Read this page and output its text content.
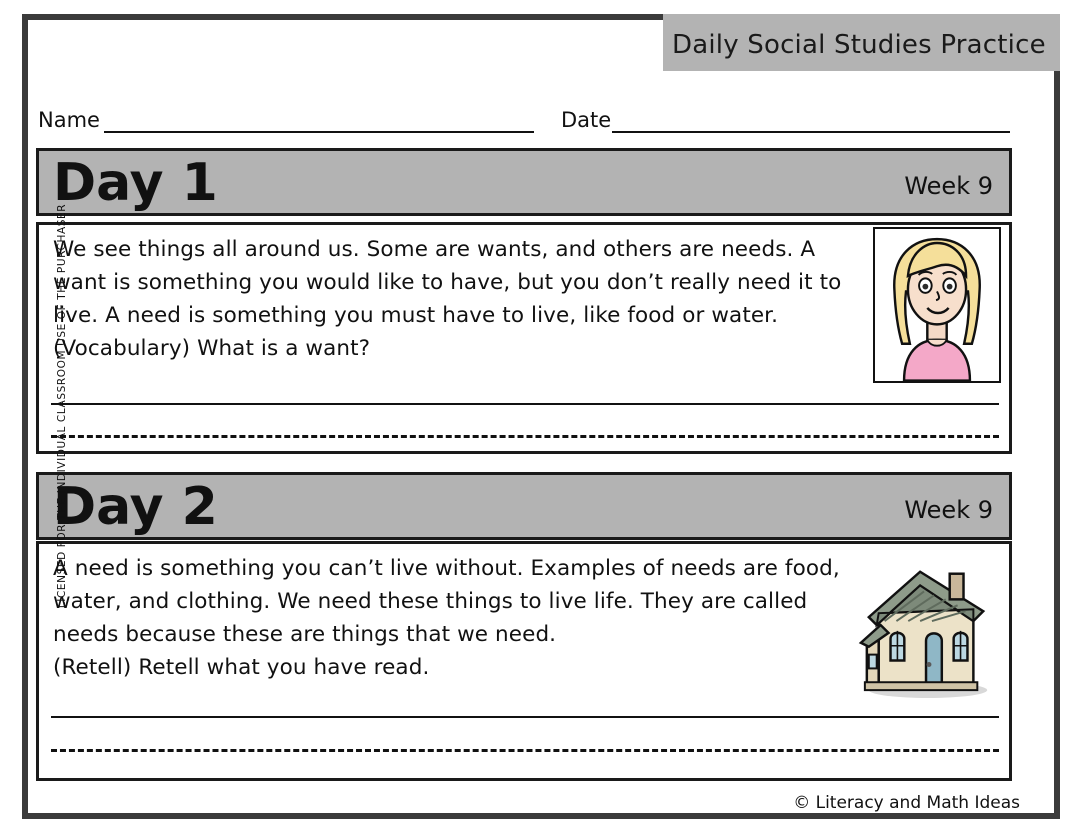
Daily Social Studies Practice
Name	Date
Day 1	Week 9
We see things all around us. Some are wants, and others are needs. A want is something you would like to have, but you don’t really need it to live. A need is something you must have to live, like food or water.
(Vocabulary) What is a want?
Day 2	Week 9
A need is something you can’t live without. Examples of needs are food, water, and clothing. We need these things to live life. They are called needs because these are things that we need.
(Retell) Retell what you have read.
LICENSED FOR THE INDIVIDUAL CLASSROOM USE OF THE PURCHASER
© Literacy and Math Ideas
